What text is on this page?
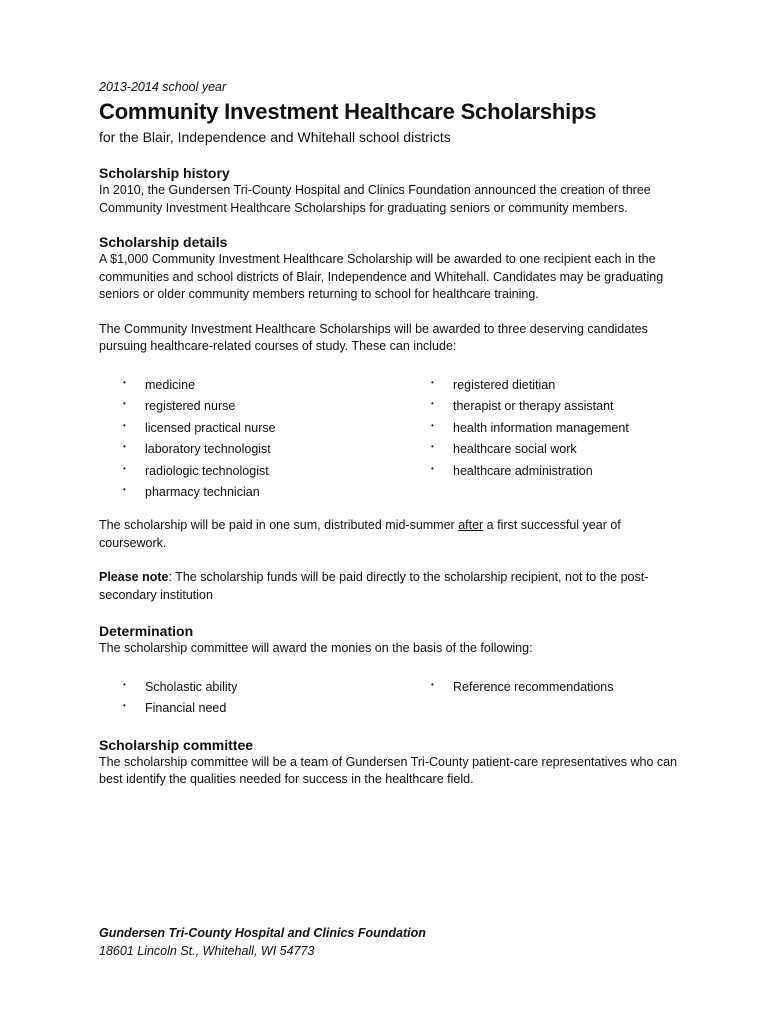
2013-2014 school year

Community Investment Healthcare Scholarships

for the Blair, Independence and Whitehall school districts

Scholarship history

In 2010, the Gundersen Tri-County Hospital and Clinics Foundation announced the creation of three Community Investment Healthcare Scholarships for graduating seniors or community members.

Scholarship details

A $1,000 Community Investment Healthcare Scholarship will be awarded to one recipient each in the communities and school districts of Blair, Independence and Whitehall. Candidates may be graduating seniors or older community members returning to school for healthcare training.

The Community Investment Healthcare Scholarships will be awarded to three deserving candidates pursuing healthcare-related courses of study. These can include:

• medicine
• registered nurse
• licensed practical nurse
• laboratory technologist
• radiologic technologist
• pharmacy technician
• registered dietitian
• therapist or therapy assistant
• health information management
• healthcare social work
• healthcare administration

The scholarship will be paid in one sum, distributed mid-summer after a first successful year of coursework.

Please note: The scholarship funds will be paid directly to the scholarship recipient, not to the post-secondary institution

Determination

The scholarship committee will award the monies on the basis of the following:

• Scholastic ability
• Financial need
• Reference recommendations
Scholarship committee

The scholarship committee will be a team of Gundersen Tri-County patient-care representatives who can best identify the qualities needed for success in the healthcare field.

Gundersen Tri-County Hospital and Clinics Foundation

18601 Lincoln St., Whitehall, WI 54773
